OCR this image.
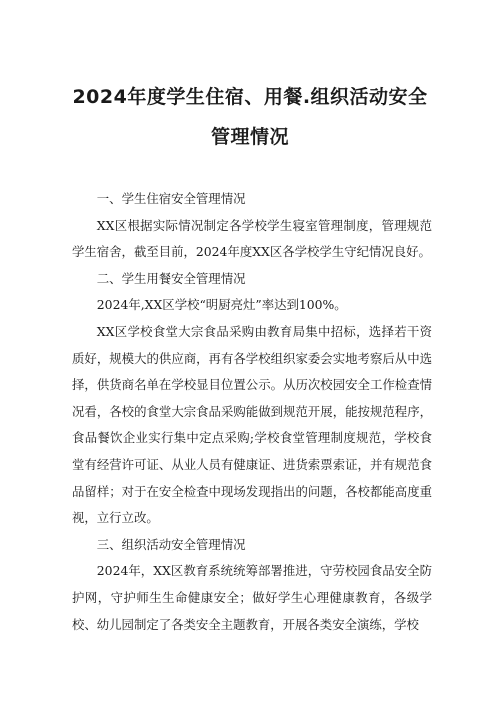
2024年度学生住宿、用餐.组织活动安全
管理情况

一、学生住宿安全管理情况

XX区根据实际情况制定各学校学生寝室管理制度，管理规范学生宿舍，截至目前，2024年度XX区各学校学生守纪情况良好。

二、学生用餐安全管理情况

2024年,XX区学校“明厨亮灶”率达到100%。

XX区学校食堂大宗食品采购由教育局集中招标，选择若干资质好，规模大的供应商，再有各学校组织家委会实地考察后从中选择，供货商名单在学校显目位置公示。从历次校园安全工作检查情况看，各校的食堂大宗食品采购能做到规范开展，能按规范程序，食品餐饮企业实行集中定点采购;学校食堂管理制度规范，学校食堂有经营许可证、从业人员有健康证、进货索票索证，并有规范食品留样；对于在安全检查中现场发现指出的问题，各校都能高度重视，立行立改。

三、组织活动安全管理情况

2024年，XX区教育系统统筹部署推进，守劳校园食品安全防护网，守护师生生命健康安全；做好学生心理健康教育，各级学校、幼儿园制定了各类安全主题教育，开展各类安全演练，学校
